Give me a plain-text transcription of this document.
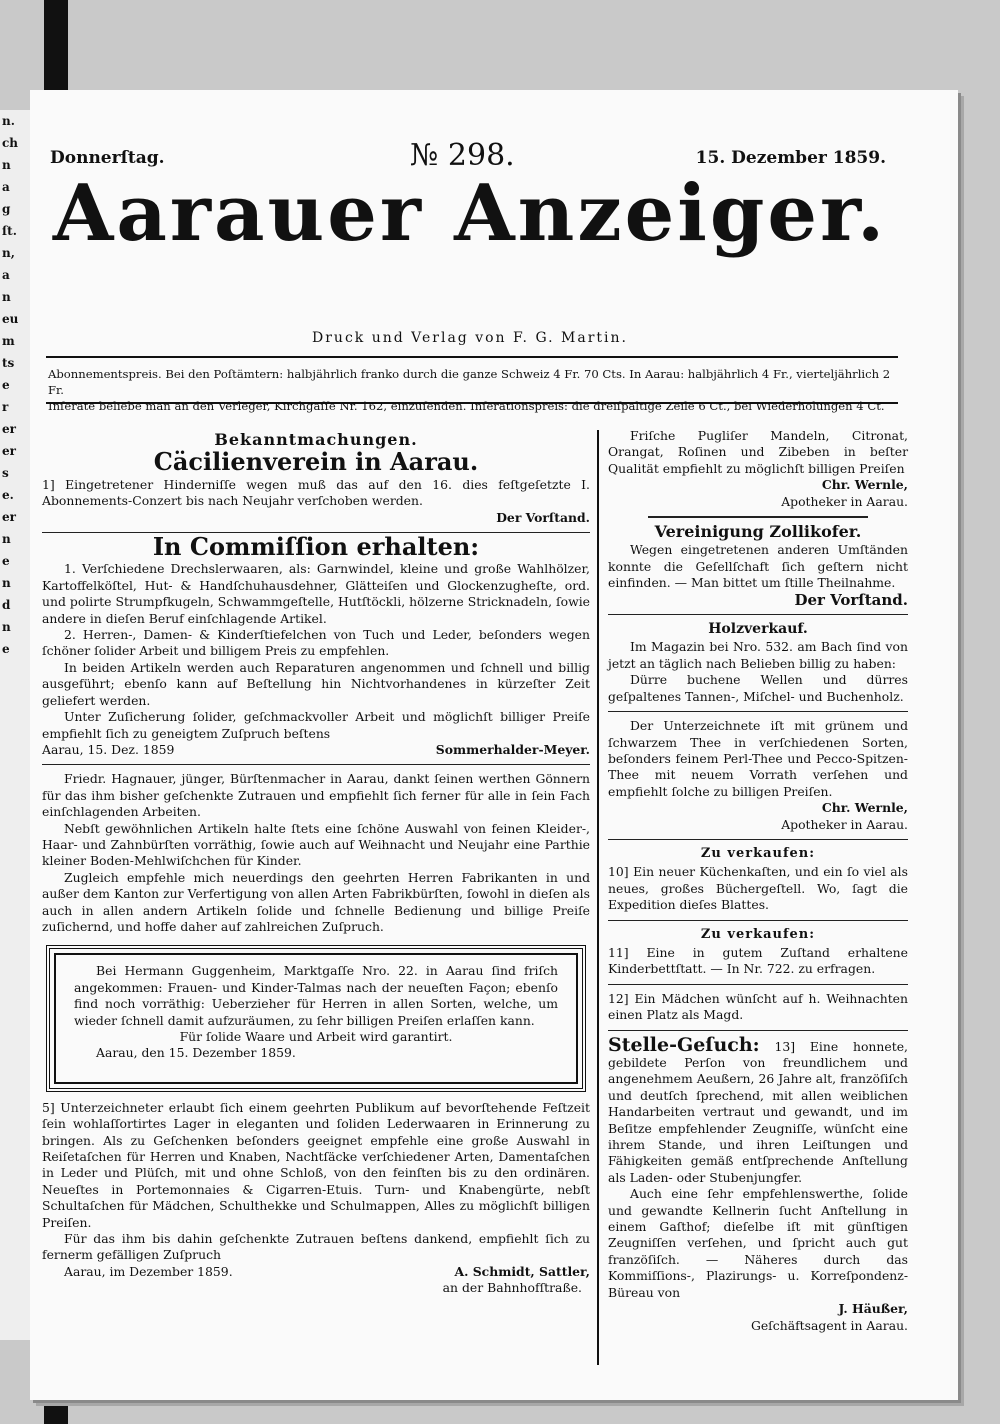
n.
ch
n
a
g
ſt.
n,
a
n
eu
m
ts
e
r
er
er
s
e.
er
n
e
n
d
n
e
Donnerſtag.	№ 298.	15. Dezember 1859.
Aarauer Anzeiger.
Druck und Verlag von F. G. Martin.
Abonnementspreis. Bei den Poſtämtern: halbjährlich franko durch die ganze Schweiz 4 Fr. 70 Cts. In Aarau: halbjährlich 4 Fr., vierteljährlich 2 Fr.
Inſerate beliebe man an den Verleger, Kirchgaſſe Nr. 162, einzuſenden. Inſerationspreis: die dreiſpaltige Zeile 6 Ct., bei Wiederholungen 4 Ct.
Bekanntmachungen.
Cäcilienverein in Aarau.

1] Eingetretener Hinderniſſe wegen muß das auf den 16. dies feſtgeſetzte I. Abonnements-Conzert bis nach Neujahr verſchoben werden.

Der Vorſtand.
In Commiſſion erhalten:

1. Verſchiedene Drechslerwaaren, als: Garnwindel, kleine und große Wahlhölzer, Kartoffelköſtel, Hut- & Handſchuhausdehner, Glätteiſen und Glockenzugheſte, ord. und polirte Strumpfkugeln, Schwammgeſtelle, Hutſtöckli, hölzerne Stricknadeln, ſowie andere in dieſen Beruf einſchlagende Artikel.

2. Herren-, Damen- & Kinderſtiefelchen von Tuch und Leder, beſonders wegen ſchöner ſolider Arbeit und billigem Preis zu empfehlen.

In beiden Artikeln werden auch Reparaturen angenommen und ſchnell und billig ausgeführt; ebenſo kann auf Beſtellung hin Nichtvorhandenes in kürzeſter Zeit geliefert werden.

Unter Zuſicherung ſolider, geſchmackvoller Arbeit und möglichſt billiger Preiſe empfiehlt ſich zu geneigtem Zuſpruch beſtens

Aarau, 15. Dez. 1859	Sommerhalder-Meyer.

Friedr. Hagnauer, jünger, Bürſtenmacher in Aarau, dankt ſeinen werthen Gönnern für das ihm bisher geſchenkte Zutrauen und empfiehlt ſich ferner für alle in ſein Fach einſchlagenden Arbeiten.

Nebſt gewöhnlichen Artikeln halte ſtets eine ſchöne Auswahl von feinen Kleider-, Haar- und Zahnbürſten vorräthig, ſowie auch auf Weihnacht und Neujahr eine Parthie kleiner Boden-Mehlwiſchchen für Kinder.

Zugleich empfehle mich neuerdings den geehrten Herren Fabrikanten in und außer dem Kanton zur Verfertigung von allen Arten Fabrikbürſten, ſowohl in dieſen als auch in allen andern Artikeln ſolide und ſchnelle Bedienung und billige Preiſe zuſichernd, und hoffe daher auf zahlreichen Zuſpruch.

Bei Hermann Guggenheim, Marktgaſſe Nro. 22. in Aarau ſind friſch angekommen: Frauen- und Kinder-Talmas nach der neueſten Façon; ebenſo find noch vorräthig: Ueberzieher für Herren in allen Sorten, welche, um wieder ſchnell damit aufzuräumen, zu ſehr billigen Preiſen erlaſſen kann.

Für ſolide Waare und Arbeit wird garantirt.

Aarau, den 15. Dezember 1859.

5] Unterzeichneter erlaubt ſich einem geehrten Publikum auf bevorſtehende Feſtzeit ſein wohlaſſortirtes Lager in eleganten und ſoliden Lederwaaren in Erinnerung zu bringen. Als zu Geſchenken beſonders geeignet empfehle eine große Auswahl in Reiſetaſchen für Herren und Knaben, Nachtſäcke verſchiedener Arten, Damentaſchen in Leder und Plüſch, mit und ohne Schloß, von den feinſten bis zu den ordinären. Neueſtes in Portemonnaies & Cigarren-Etuis. Turn- und Knabengürte, nebſt Schultaſchen für Mädchen, Schulthekke und Schulmappen, Alles zu möglichſt billigen Preiſen.

Für das ihm bis dahin geſchenkte Zutrauen beſtens dankend, empfiehlt ſich zu fernerm gefälligen Zuſpruch

Aarau, im Dezember 1859.	A. Schmidt, Sattler,
an der Bahnhofſtraße.

Friſche Pugliſer Mandeln, Citronat, Orangat, Roſinen und Zibeben in beſter Qualität empfiehlt zu möglichſt billigen Preiſen

Chr. Wernle,
Apotheker in Aarau.
Vereinigung Zollikofer.

Wegen eingetretenen anderen Umſtänden konnte die Geſellſchaft ſich geſtern nicht einfinden. — Man bittet um ſtille Theilnahme.

Der Vorſtand.
Holzverkauf.

Im Magazin bei Nro. 532. am Bach ſind von jetzt an täglich nach Belieben billig zu haben:

Dürre buchene Wellen und dürres geſpaltenes Tannen-, Miſchel- und Buchenholz.

Der Unterzeichnete iſt mit grünem und ſchwarzem Thee in verſchiedenen Sorten, beſonders feinem Perl-Thee und Pecco-Spitzen-Thee mit neuem Vorrath verſehen und empfiehlt ſolche zu billigen Preiſen.

Chr. Wernle,
Apotheker in Aarau.
Zu verkaufen:

10] Ein neuer Küchenkaſten, und ein ſo viel als neues, großes Büchergeſtell. Wo, ſagt die Expedition dieſes Blattes.

Zu verkaufen:

11] Eine in gutem Zuſtand erhaltene Kinderbettſtatt. — In Nr. 722. zu erfragen.

12] Ein Mädchen wünſcht auf h. Weihnachten einen Platz als Magd.

Stelle-Geſuch: 13] Eine honnete, gebildete Perſon von freundlichem und angenehmem Aeußern, 26 Jahre alt, franzöſiſch und deutſch ſprechend, mit allen weiblichen Handarbeiten vertraut und gewandt, und im Beſitze empfehlender Zeugniſſe, wünſcht eine ihrem Stande, und ihren Leiſtungen und Fähigkeiten gemäß entſprechende Anſtellung als Laden- oder Stubenjungfer.

Auch eine ſehr empfehlenswerthe, ſolide und gewandte Kellnerin ſucht Anſtellung in einem Gaſthof; dieſelbe iſt mit günſtigen Zeugniſſen verſehen, und ſpricht auch gut franzöſiſch. — Näheres durch das Kommiſſions-, Plazirungs- u. Korreſpondenz-Büreau von

J. Häußer,
Geſchäftsagent in Aarau.
